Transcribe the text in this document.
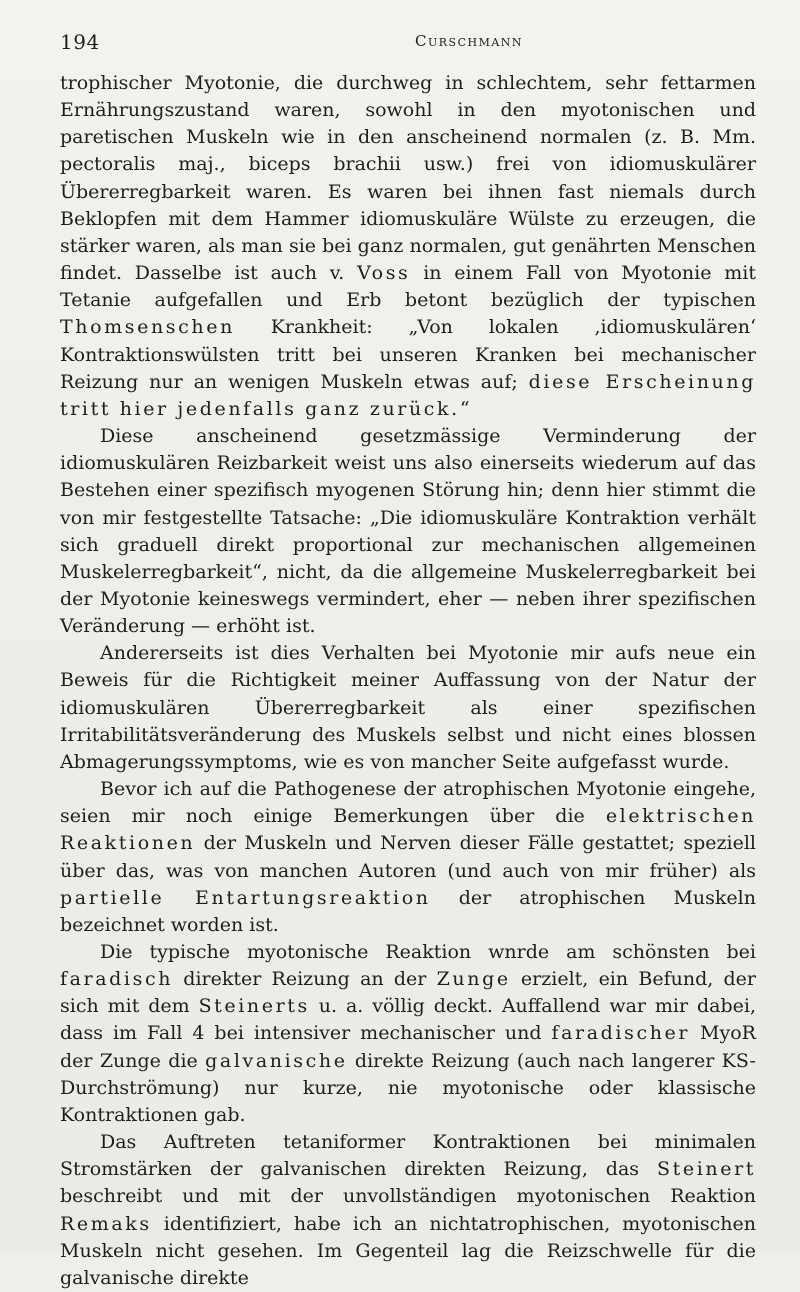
194	Curschmann

trophischer Myotonie, die durchweg in schlechtem, sehr fettarmen Ernährungszustand waren, sowohl in den myotonischen und paretischen Muskeln wie in den anscheinend normalen (z. B. Mm. pectoralis maj., biceps brachii usw.) frei von idiomuskulärer Übererregbarkeit waren. Es waren bei ihnen fast niemals durch Beklopfen mit dem Hammer idiomuskuläre Wülste zu erzeugen, die stärker waren, als man sie bei ganz normalen, gut genährten Menschen findet. Dasselbe ist auch v. Voss in einem Fall von Myotonie mit Tetanie aufgefallen und Erb betont bezüglich der typischen Thomsenschen Krankheit: „Von lokalen ‚idiomuskulären‘ Kontraktionswülsten tritt bei unseren Kranken bei mechanischer Reizung nur an wenigen Muskeln etwas auf; diese Erscheinung tritt hier jedenfalls ganz zurück.“

Diese anscheinend gesetzmässige Verminderung der idiomuskulären Reizbarkeit weist uns also einerseits wiederum auf das Bestehen einer spezifisch myogenen Störung hin; denn hier stimmt die von mir festgestellte Tatsache: „Die idiomuskuläre Kontraktion verhält sich graduell direkt proportional zur mechanischen allgemeinen Muskelerregbarkeit“, nicht, da die allgemeine Muskelerregbarkeit bei der Myotonie keineswegs vermindert, eher — neben ihrer spezifischen Veränderung — erhöht ist.

Andererseits ist dies Verhalten bei Myotonie mir aufs neue ein Beweis für die Richtigkeit meiner Auffassung von der Natur der idiomuskulären Übererregbarkeit als einer spezifischen Irritabilitätsveränderung des Muskels selbst und nicht eines blossen Abmagerungssymptoms, wie es von mancher Seite aufgefasst wurde.

Bevor ich auf die Pathogenese der atrophischen Myotonie eingehe, seien mir noch einige Bemerkungen über die elektrischen Reaktionen der Muskeln und Nerven dieser Fälle gestattet; speziell über das, was von manchen Autoren (und auch von mir früher) als partielle Entartungsreaktion der atrophischen Muskeln bezeichnet worden ist.

Die typische myotonische Reaktion wnrde am schönsten bei faradisch direkter Reizung an der Zunge erzielt, ein Befund, der sich mit dem Steinerts u. a. völlig deckt. Auffallend war mir dabei, dass im Fall 4 bei intensiver mechanischer und faradischer MyoR der Zunge die galvanische direkte Reizung (auch nach langerer KS-Durchströmung) nur kurze, nie myotonische oder klassische Kontraktionen gab.

Das Auftreten tetaniformer Kontraktionen bei minimalen Stromstärken der galvanischen direkten Reizung, das Steinert beschreibt und mit der unvollständigen myotonischen Reaktion Remaks identifiziert, habe ich an nichtatrophischen, myotonischen Muskeln nicht gesehen. Im Gegenteil lag die Reizschwelle für die galvanische direkte
